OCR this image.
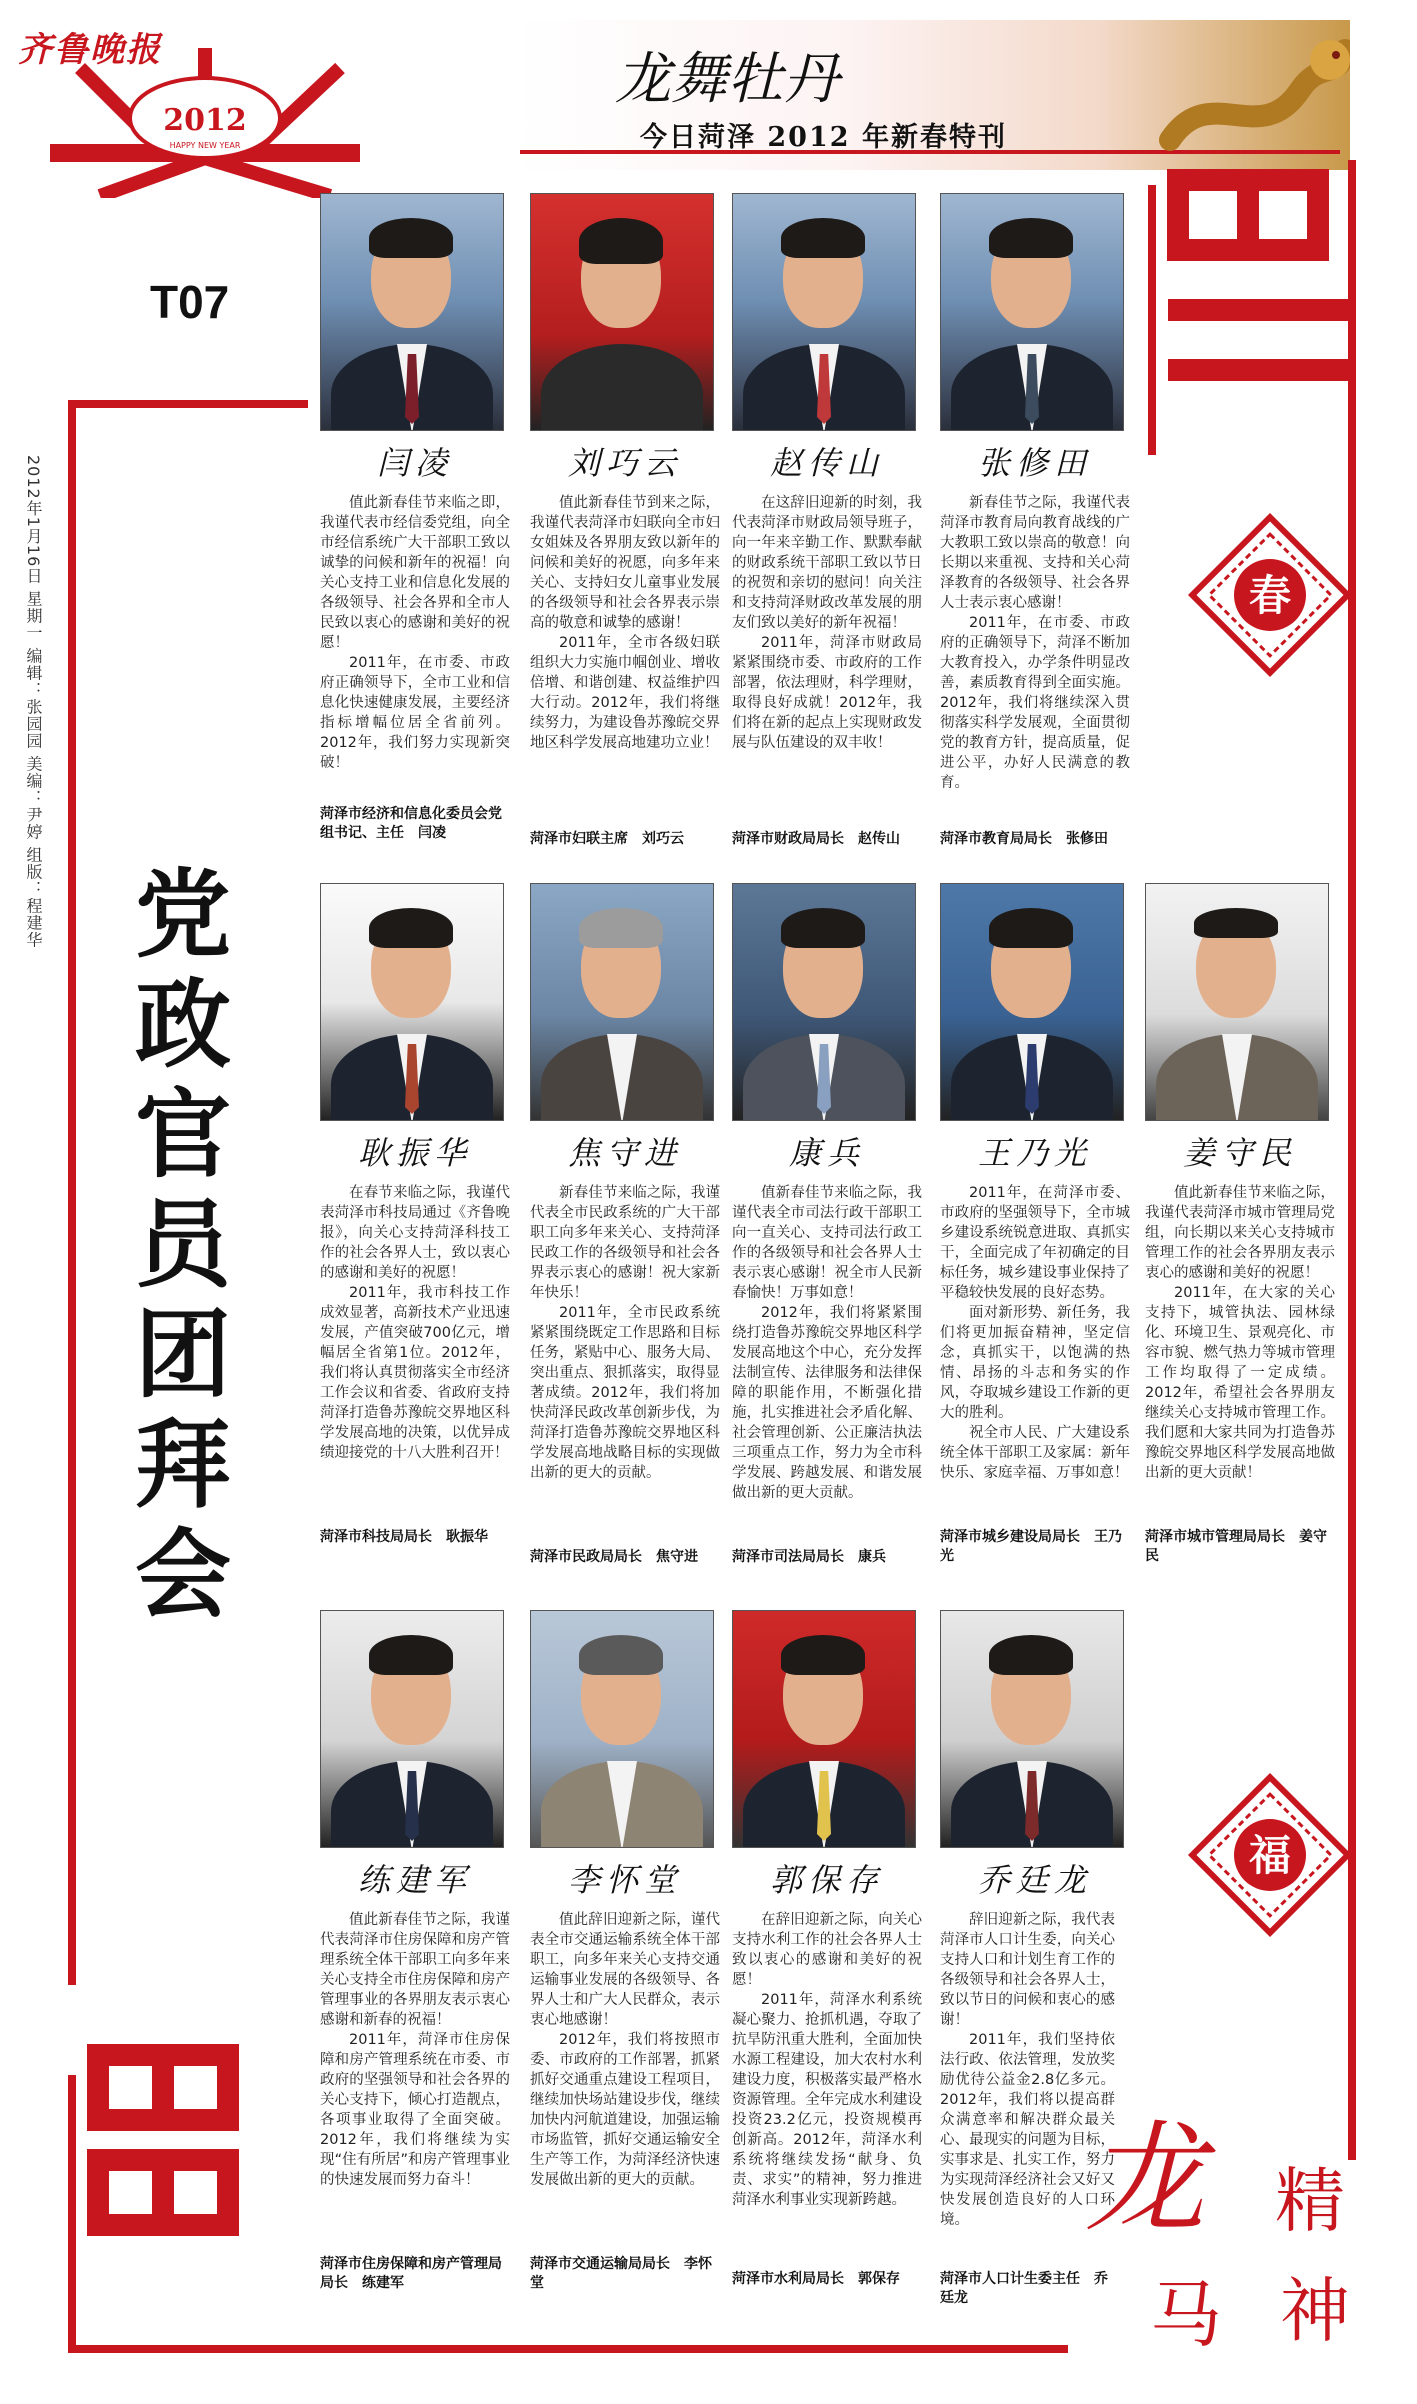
齐鲁晚报
2012
HAPPY NEW YEAR
龙舞牡丹
今日菏泽 2012 年新春特刊
T07
2012年1月16日 星期一 编辑：张园园 美编：尹婷 组版：程建华 党政官员团拜会
春
福
龙
马
精
神
闫凌

值此新春佳节来临之即，我谨代表市经信委党组，向全市经信系统广大干部职工致以诚挚的问候和新年的祝福！向关心支持工业和信息化发展的各级领导、社会各界和全市人民致以衷心的感谢和美好的祝愿！

2011年，在市委、市政府正确领导下，全市工业和信息化快速健康发展，主要经济指标增幅位居全省前列。2012年，我们努力实现新突破！

菏泽市经济和信息化委员会党组书记、主任　闫凌
刘巧云

值此新春佳节到来之际，我谨代表菏泽市妇联向全市妇女姐妹及各界朋友致以新年的问候和美好的祝愿，向多年来关心、支持妇女儿童事业发展的各级领导和社会各界表示崇高的敬意和诚挚的感谢！

2011年，全市各级妇联组织大力实施巾帼创业、增收倍增、和谐创建、权益维护四大行动。2012年，我们将继续努力，为建设鲁苏豫皖交界地区科学发展高地建功立业！

菏泽市妇联主席　刘巧云
赵传山

在这辞旧迎新的时刻，我代表菏泽市财政局领导班子，向一年来辛勤工作、默默奉献的财政系统干部职工致以节日的祝贺和亲切的慰问！向关注和支持菏泽财政改革发展的朋友们致以美好的新年祝福！

2011年，菏泽市财政局紧紧围绕市委、市政府的工作部署，依法理财，科学理财，取得良好成就！2012年，我们将在新的起点上实现财政发展与队伍建设的双丰收！

菏泽市财政局局长　赵传山
张修田

新春佳节之际，我谨代表菏泽市教育局向教育战线的广大教职工致以崇高的敬意！向长期以来重视、支持和关心菏泽教育的各级领导、社会各界人士表示衷心感谢！

2011年，在市委、市政府的正确领导下，菏泽不断加大教育投入，办学条件明显改善，素质教育得到全面实施。2012年，我们将继续深入贯彻落实科学发展观，全面贯彻党的教育方针，提高质量，促进公平，办好人民满意的教育。

菏泽市教育局局长　张修田
耿振华

在春节来临之际，我谨代表菏泽市科技局通过《齐鲁晚报》，向关心支持菏泽科技工作的社会各界人士，致以衷心的感谢和美好的祝愿！

2011年，我市科技工作成效显著，高新技术产业迅速发展，产值突破700亿元，增幅居全省第1位。2012年，我们将认真贯彻落实全市经济工作会议和省委、省政府支持菏泽打造鲁苏豫皖交界地区科学发展高地的决策，以优异成绩迎接党的十八大胜利召开！

菏泽市科技局局长　耿振华
焦守进

新春佳节来临之际，我谨代表全市民政系统的广大干部职工向多年来关心、支持菏泽民政工作的各级领导和社会各界表示衷心的感谢！祝大家新年快乐！

2011年，全市民政系统紧紧围绕既定工作思路和目标任务，紧贴中心、服务大局、突出重点、狠抓落实，取得显著成绩。2012年，我们将加快菏泽民政改革创新步伐，为菏泽打造鲁苏豫皖交界地区科学发展高地战略目标的实现做出新的更大的贡献。

菏泽市民政局局长　焦守进
康兵

值新春佳节来临之际，我谨代表全市司法行政干部职工向一直关心、支持司法行政工作的各级领导和社会各界人士表示衷心感谢！祝全市人民新春愉快！万事如意！

2012年，我们将紧紧围绕打造鲁苏豫皖交界地区科学发展高地这个中心，充分发挥法制宣传、法律服务和法律保障的职能作用，不断强化措施，扎实推进社会矛盾化解、社会管理创新、公正廉洁执法三项重点工作，努力为全市科学发展、跨越发展、和谐发展做出新的更大贡献。

菏泽市司法局局长　康兵
王乃光

2011年，在菏泽市委、市政府的坚强领导下，全市城乡建设系统锐意进取、真抓实干，全面完成了年初确定的目标任务，城乡建设事业保持了平稳较快发展的良好态势。

面对新形势、新任务，我们将更加振奋精神，坚定信念，真抓实干，以饱满的热情、昂扬的斗志和务实的作风，夺取城乡建设工作新的更大的胜利。

祝全市人民、广大建设系统全体干部职工及家属：新年快乐、家庭幸福、万事如意！

菏泽市城乡建设局局长　王乃光
姜守民

值此新春佳节来临之际，我谨代表菏泽市城市管理局党组，向长期以来关心支持城市管理工作的社会各界朋友表示衷心的感谢和美好的祝愿！

2011年，在大家的关心支持下，城管执法、园林绿化、环境卫生、景观亮化、市容市貌、燃气热力等城市管理工作均取得了一定成绩。2012年，希望社会各界朋友继续关心支持城市管理工作。我们愿和大家共同为打造鲁苏豫皖交界地区科学发展高地做出新的更大贡献！

菏泽市城市管理局局长　姜守民
练建军

值此新春佳节之际，我谨代表菏泽市住房保障和房产管理系统全体干部职工向多年来关心支持全市住房保障和房产管理事业的各界朋友表示衷心感谢和新春的祝福！

2011年，菏泽市住房保障和房产管理系统在市委、市政府的坚强领导和社会各界的关心支持下，倾心打造靓点，各项事业取得了全面突破。2012年，我们将继续为实现“住有所居”和房产管理事业的快速发展而努力奋斗！

菏泽市住房保障和房产管理局局长　练建军
李怀堂

值此辞旧迎新之际，谨代表全市交通运输系统全体干部职工，向多年来关心支持交通运输事业发展的各级领导、各界人士和广大人民群众，表示衷心地感谢！

2012年，我们将按照市委、市政府的工作部署，抓紧抓好交通重点建设工程项目，继续加快场站建设步伐，继续加快内河航道建设，加强运输市场监管，抓好交通运输安全生产等工作，为菏泽经济快速发展做出新的更大的贡献。

菏泽市交通运输局局长　李怀堂
郭保存

在辞旧迎新之际，向关心支持水利工作的社会各界人士致以衷心的感谢和美好的祝愿！

2011年，菏泽水利系统凝心聚力、抢抓机遇，夺取了抗旱防汛重大胜利，全面加快水源工程建设，加大农村水利建设力度，积极落实最严格水资源管理。全年完成水利建设投资23.2亿元，投资规模再创新高。2012年，菏泽水利系统将继续发扬“献身、负责、求实”的精神，努力推进菏泽水利事业实现新跨越。

菏泽市水利局局长　郭保存
乔廷龙

辞旧迎新之际，我代表菏泽市人口计生委，向关心支持人口和计划生育工作的各级领导和社会各界人士，致以节日的问候和衷心的感谢！

2011年，我们坚持依法行政、依法管理，发放奖励优待公益金2.8亿多元。2012年，我们将以提高群众满意率和解决群众最关心、最现实的问题为目标，实事求是、扎实工作，努力为实现菏泽经济社会又好又快发展创造良好的人口环境。

菏泽市人口计生委主任　乔廷龙
